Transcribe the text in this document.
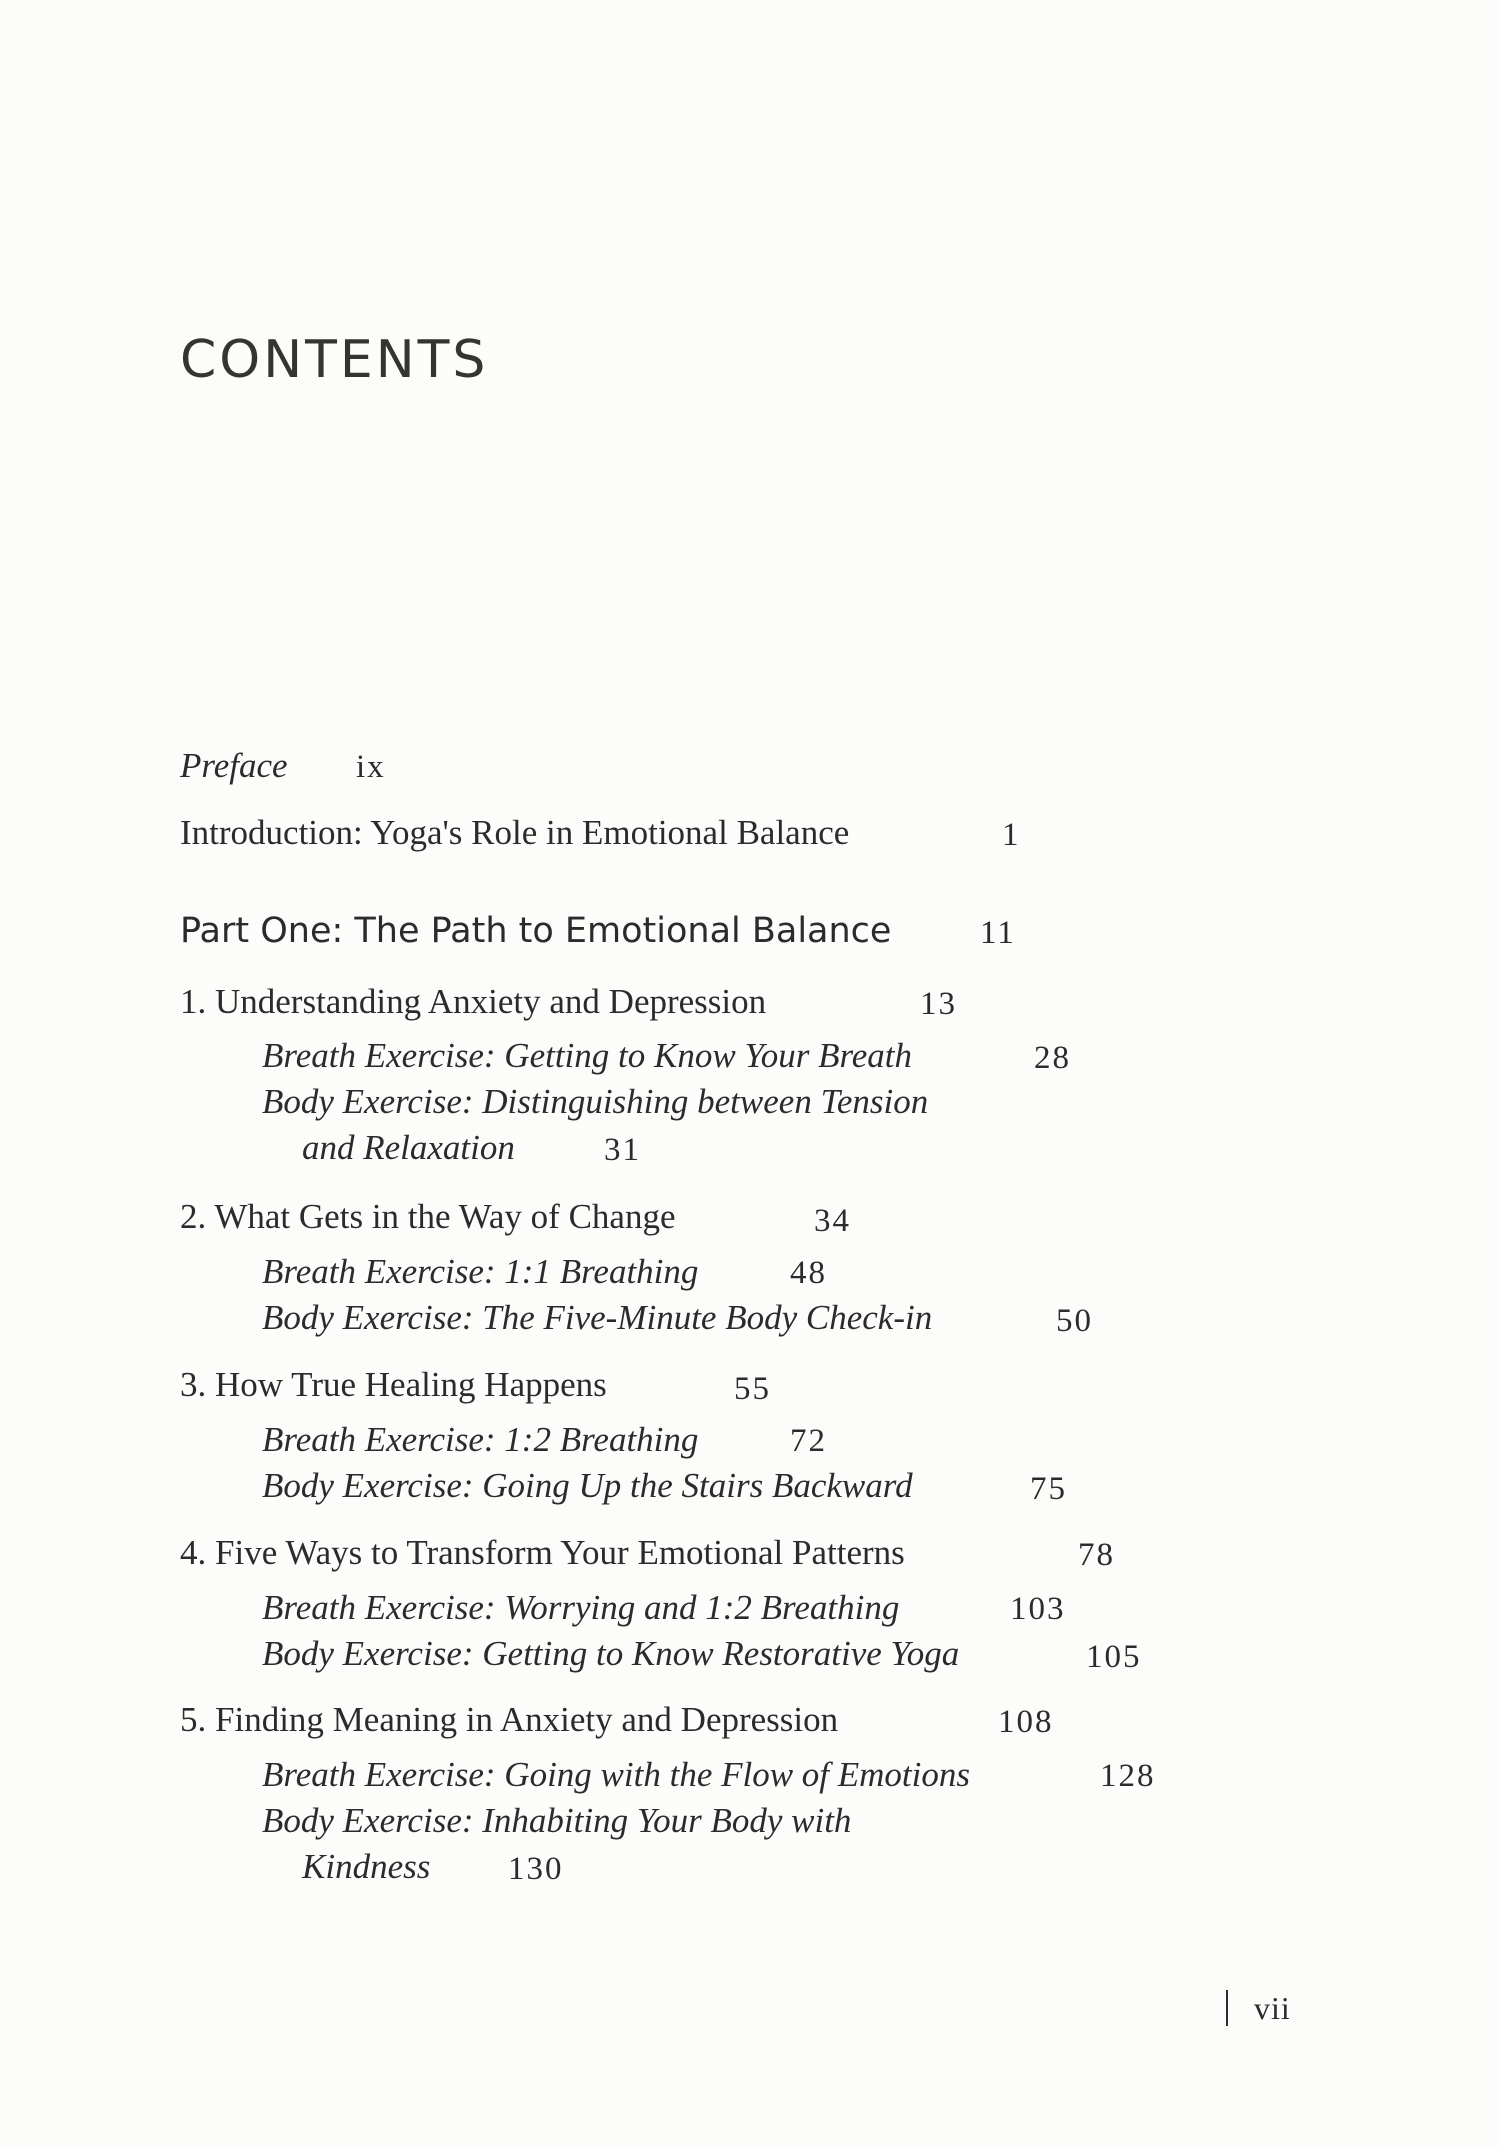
CONTENTS
Preface ix
Introduction: Yoga's Role in Emotional Balance	1
Part One: The Path to Emotional Balance	11
1. Understanding Anxiety and Depression	13
Breath Exercise: Getting to Know Your Breath	28
Body Exercise: Distinguishing between Tension
and Relaxation	31
2. What Gets in the Way of Change	34
Breath Exercise: 1:1 Breathing	48
Body Exercise: The Five-Minute Body Check-in	50
3. How True Healing Happens	55
Breath Exercise: 1:2 Breathing	72
Body Exercise: Going Up the Stairs Backward	75
4. Five Ways to Transform Your Emotional Patterns	78
Breath Exercise: Worrying and 1:2 Breathing	103
Body Exercise: Getting to Know Restorative Yoga	105
5. Finding Meaning in Anxiety and Depression	108
Breath Exercise: Going with the Flow of Emotions	128
Body Exercise: Inhabiting Your Body with
Kindness 130
vii
